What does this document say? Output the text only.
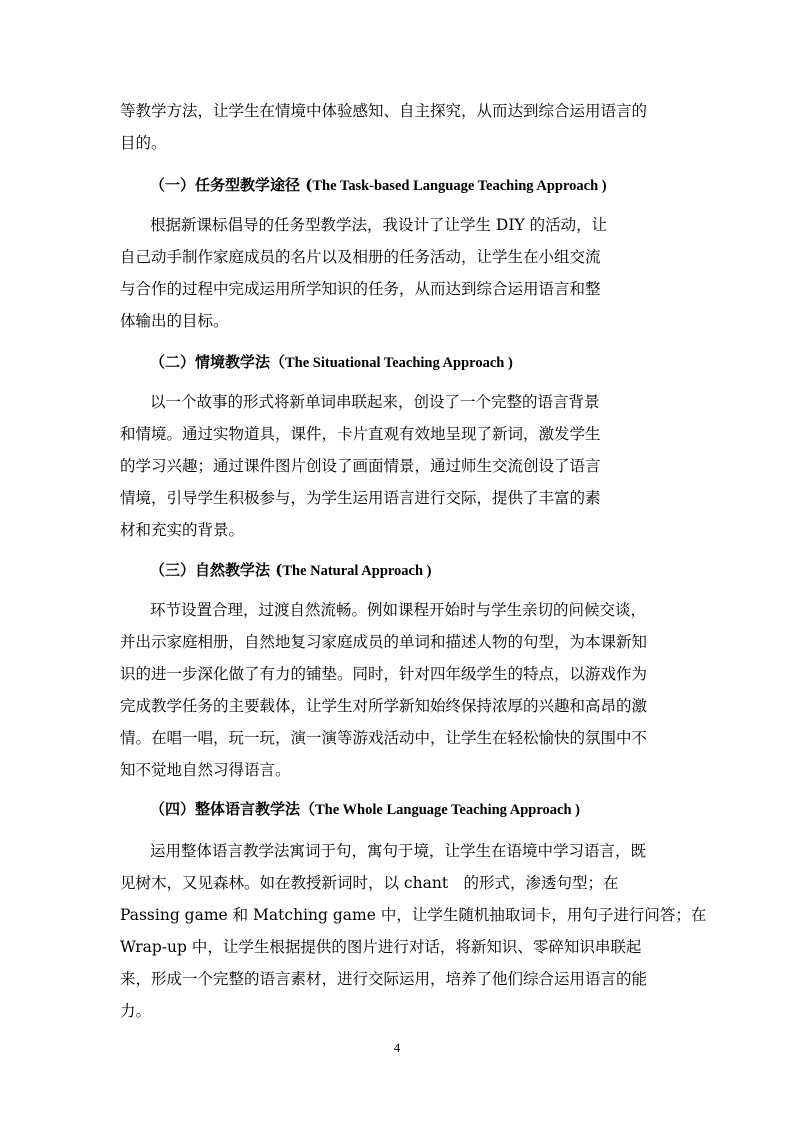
等教学方法，让学生在情境中体验感知、自主探究，从而达到综合运用语言的
目的。
（一）任务型教学途径 (The Task-based Language Teaching Approach )
根据新课标倡导的任务型教学法，我设计了让学生 DIY 的活动，让
自己动手制作家庭成员的名片以及相册的任务活动，让学生在小组交流
与合作的过程中完成运用所学知识的任务，从而达到综合运用语言和整
体输出的目标。
（二）情境教学法（The Situational Teaching Approach )
以一个故事的形式将新单词串联起来，创设了一个完整的语言背景
和情境。通过实物道具，课件，卡片直观有效地呈现了新词，激发学生
的学习兴趣；通过课件图片创设了画面情景，通过师生交流创设了语言
情境，引导学生积极参与，为学生运用语言进行交际，提供了丰富的素
材和充实的背景。
（三）自然教学法 (The Natural Approach )
环节设置合理，过渡自然流畅。例如课程开始时与学生亲切的问候交谈，
并出示家庭相册，自然地复习家庭成员的单词和描述人物的句型，为本课新知
识的进一步深化做了有力的铺垫。同时，针对四年级学生的特点，以游戏作为
完成教学任务的主要载体，让学生对所学新知始终保持浓厚的兴趣和高昂的激
情。在唱一唱，玩一玩，演一演等游戏活动中，让学生在轻松愉快的氛围中不
知不觉地自然习得语言。
（四）整体语言教学法（The Whole Language Teaching Approach )
运用整体语言教学法寓词于句，寓句于境，让学生在语境中学习语言，既
见树木，又见森林。如在教授新词时，以 chant　的形式，渗透句型；在
Passing game 和 Matching game 中，让学生随机抽取词卡，用句子进行问答；在
Wrap-up 中，让学生根据提供的图片进行对话，将新知识、零碎知识串联起
来，形成一个完整的语言素材，进行交际运用，培养了他们综合运用语言的能
力。
4
